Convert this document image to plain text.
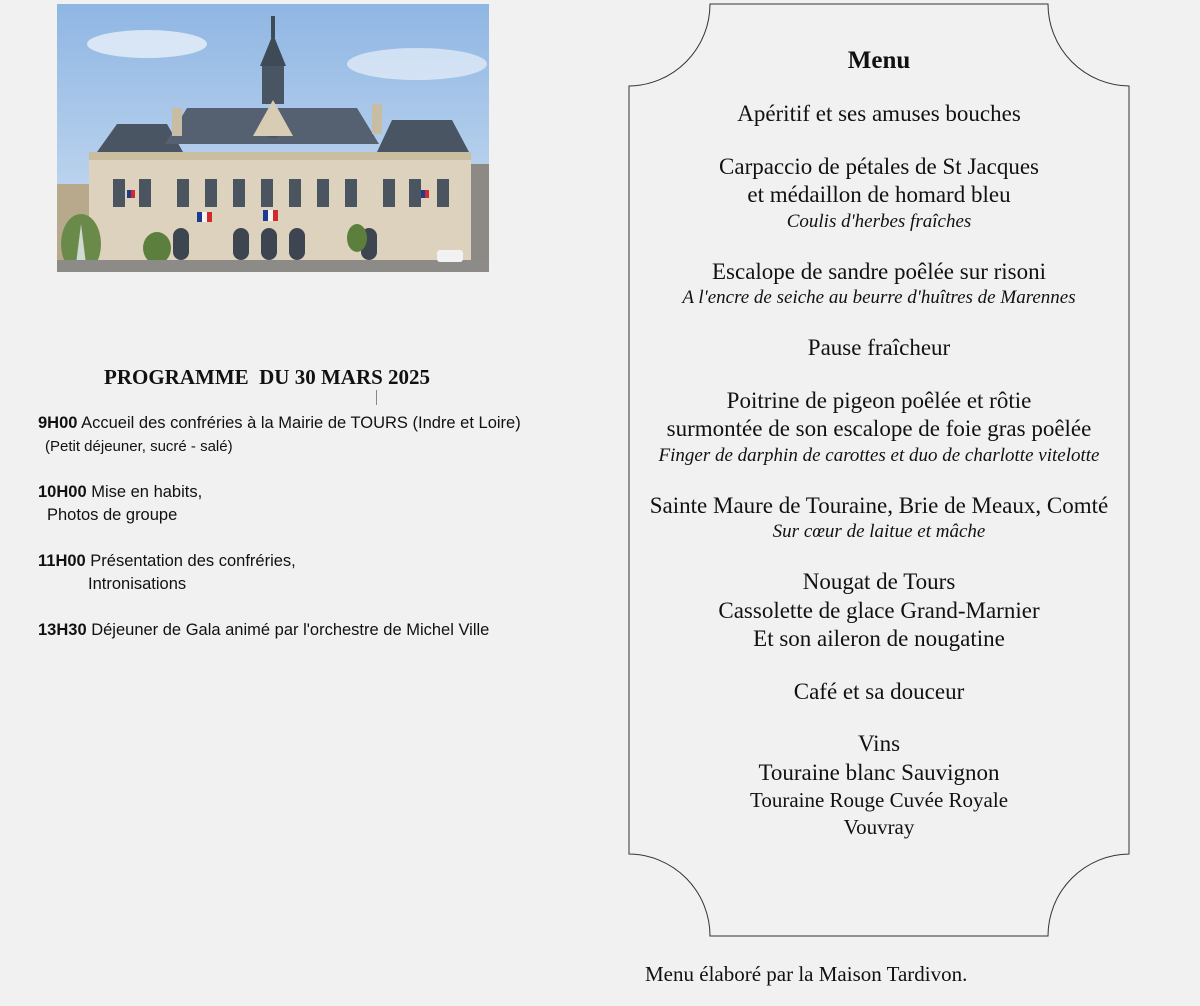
PROGRAMME  DU 30 MARS 2025
9H00 Accueil des confréries à la Mairie de TOURS (Indre et Loire)
(Petit déjeuner, sucré - salé)
10H00 Mise en habits,
Photos de groupe
11H00 Présentation des confréries,
Intronisations
13H30 Déjeuner de Gala animé par l'orchestre de Michel Ville
Menu
Apéritif et ses amuses bouches
Carpaccio de pétales de St Jacques
et médaillon de homard bleu
Coulis d'herbes fraîches
Escalope de sandre poêlée sur risoni
A l'encre de seiche au beurre d'huîtres de Marennes
Pause fraîcheur
Poitrine de pigeon poêlée et rôtie
surmontée de son escalope de foie gras poêlée
Finger de darphin de carottes et duo de charlotte vitelotte
Sainte Maure de Touraine, Brie de Meaux, Comté
Sur cœur de laitue et mâche
Nougat de Tours
Cassolette de glace Grand-Marnier
Et son aileron de nougatine
Café et sa douceur
Vins
Touraine blanc Sauvignon
Touraine Rouge Cuvée Royale
Vouvray
Menu élaboré par la Maison Tardivon.
